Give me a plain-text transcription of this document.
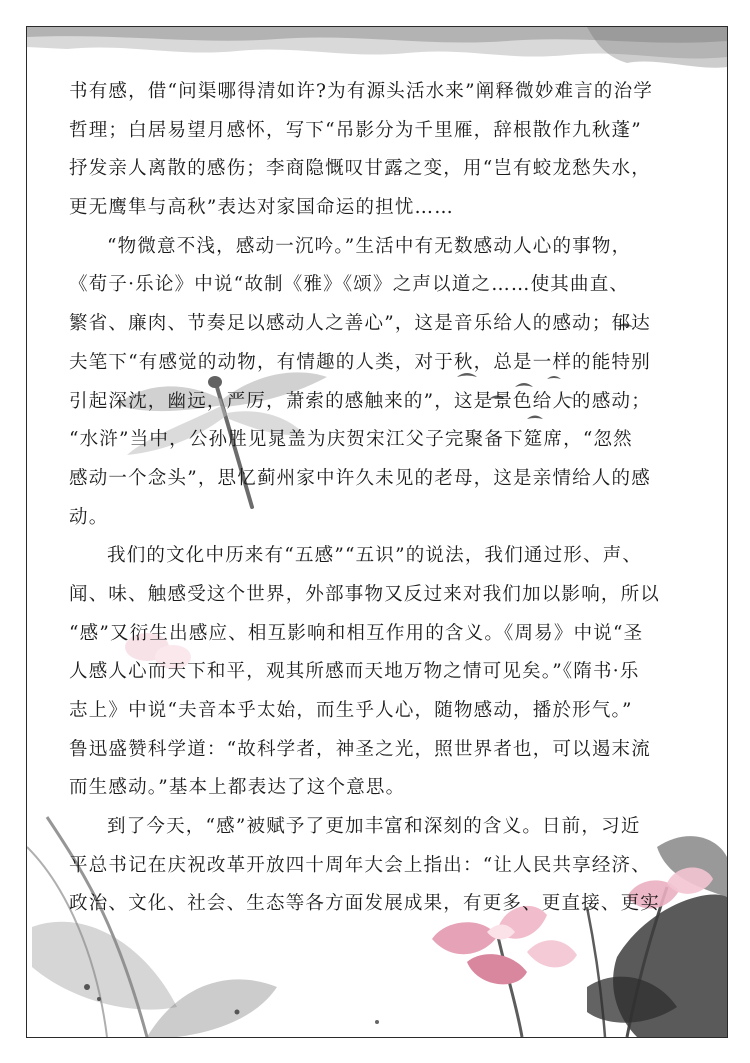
书有感，借“问渠哪得清如许?为有源头活水来”阐释微妙难言的治学
哲理；白居易望月感怀，写下“吊影分为千里雁，辞根散作九秋蓬”
抒发亲人离散的感伤；李商隐慨叹甘露之变，用“岂有蛟龙愁失水，
更无鹰隼与高秋”表达对家国命运的担忧……
“物微意不浅，感动一沉吟。”生活中有无数感动人心的事物，
《荀子·乐论》中说“故制《雅》《颂》之声以道之……使其曲直、
繁省、廉肉、节奏足以感动人之善心”，这是音乐给人的感动；郁达
夫笔下“有感觉的动物，有情趣的人类，对于秋，总是一样的能特别
引起深沈，幽远，严厉，萧索的感触来的”，这是景色给人的感动；
“水浒”当中，公孙胜见晁盖为庆贺宋江父子完聚备下筵席，“忽然
感动一个念头”，思忆蓟州家中许久未见的老母，这是亲情给人的感
动。
我们的文化中历来有“五感”“五识”的说法，我们通过形、声、
闻、味、触感受这个世界，外部事物又反过来对我们加以影响，所以
“感”又衍生出感应、相互影响和相互作用的含义。《周易》中说“圣
人感人心而天下和平，观其所感而天地万物之情可见矣。”《隋书·乐
志上》中说“夫音本乎太始，而生乎人心，随物感动，播於形气。”
鲁迅盛赞科学道：“故科学者，神圣之光，照世界者也，可以遏末流
而生感动。”基本上都表达了这个意思。
到了今天，“感”被赋予了更加丰富和深刻的含义。日前，习近
平总书记在庆祝改革开放四十周年大会上指出：“让人民共享经济、
政治、文化、社会、生态等各方面发展成果，有更多、更直接、更实
